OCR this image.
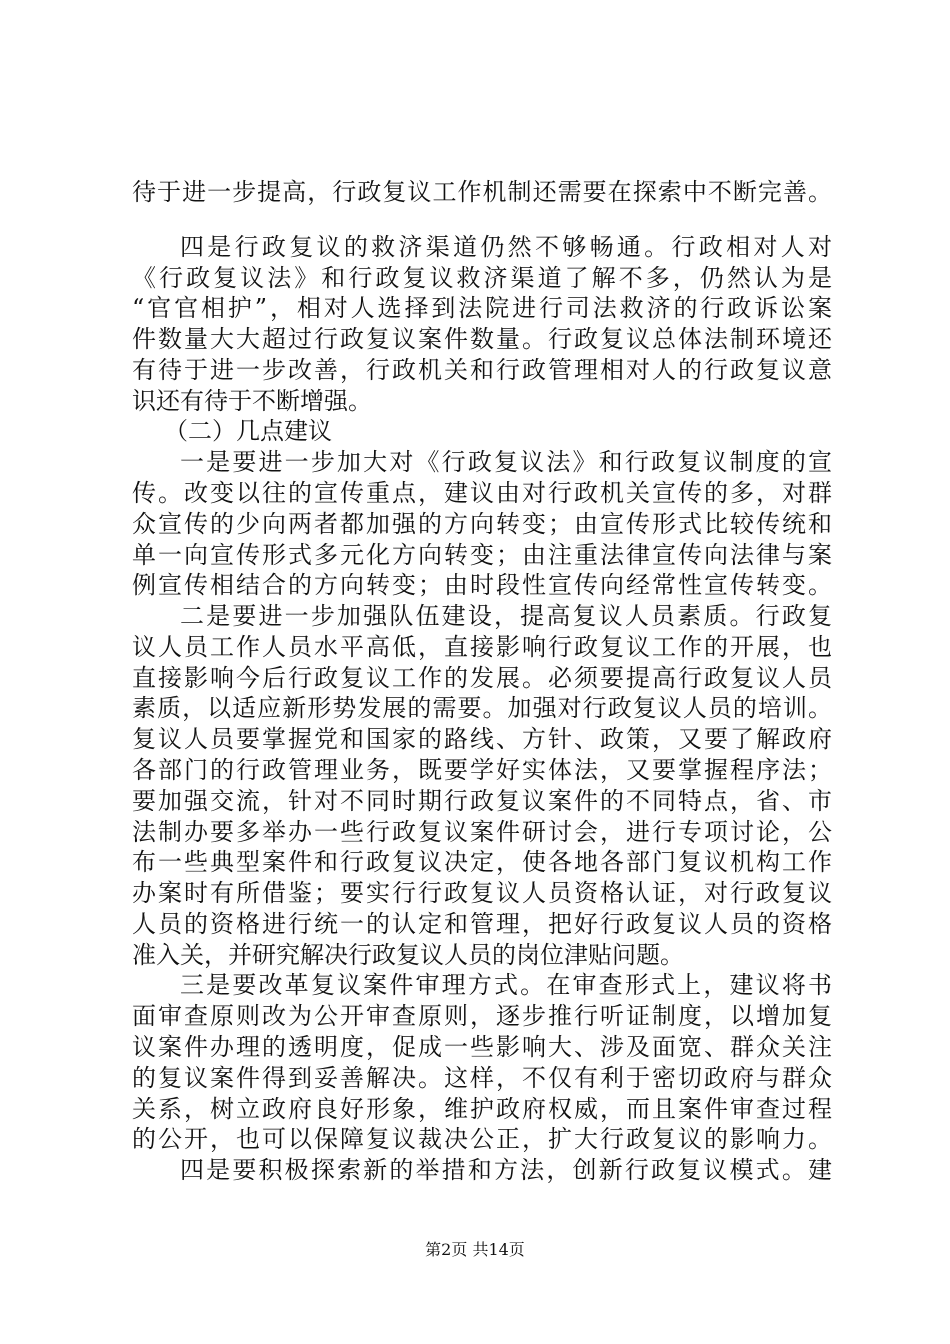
待于进一步提高，行政复议工作机制还需要在探索中不断完善。
四是行政复议的救济渠道仍然不够畅通。行政相对人对
《行政复议法》和行政复议救济渠道了解不多，仍然认为是
“官官相护”，相对人选择到法院进行司法救济的行政诉讼案
件数量大大超过行政复议案件数量。行政复议总体法制环境还
有待于进一步改善，行政机关和行政管理相对人的行政复议意
识还有待于不断增强。
（二）几点建议
一是要进一步加大对《行政复议法》和行政复议制度的宣
传。改变以往的宣传重点，建议由对行政机关宣传的多，对群
众宣传的少向两者都加强的方向转变；由宣传形式比较传统和
单一向宣传形式多元化方向转变；由注重法律宣传向法律与案
例宣传相结合的方向转变；由时段性宣传向经常性宣传转变。
二是要进一步加强队伍建设，提高复议人员素质。行政复
议人员工作人员水平高低，直接影响行政复议工作的开展，也
直接影响今后行政复议工作的发展。必须要提高行政复议人员
素质，以适应新形势发展的需要。加强对行政复议人员的培训。
复议人员要掌握党和国家的路线、方针、政策，又要了解政府
各部门的行政管理业务，既要学好实体法，又要掌握程序法；
要加强交流，针对不同时期行政复议案件的不同特点，省、市
法制办要多举办一些行政复议案件研讨会，进行专项讨论，公
布一些典型案件和行政复议决定，使各地各部门复议机构工作
办案时有所借鉴；要实行行政复议人员资格认证，对行政复议
人员的资格进行统一的认定和管理，把好行政复议人员的资格
准入关，并研究解决行政复议人员的岗位津贴问题。
三是要改革复议案件审理方式。在审查形式上，建议将书
面审查原则改为公开审查原则，逐步推行听证制度，以增加复
议案件办理的透明度，促成一些影响大、涉及面宽、群众关注
的复议案件得到妥善解决。这样，不仅有利于密切政府与群众
关系，树立政府良好形象，维护政府权威，而且案件审查过程
的公开，也可以保障复议裁决公正，扩大行政复议的影响力。
四是要积极探索新的举措和方法，创新行政复议模式。建
第2页 共14页
